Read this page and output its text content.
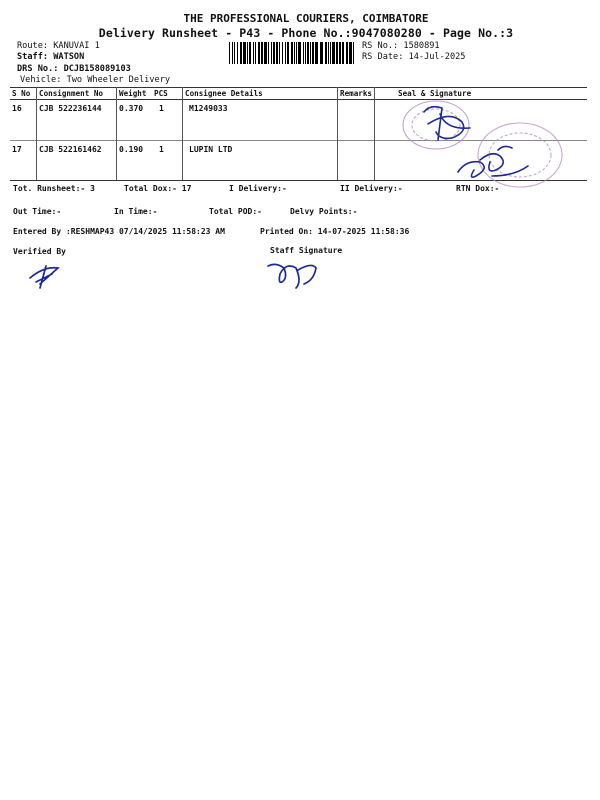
THE PROFESSIONAL COURIERS, COIMBATORE
Delivery Runsheet - P43 - Phone No.:9047080280 - Page No.:3
Route: KANUVAI 1
Staff: WATSON
DRS No.: DCJB158089103
Vehicle: Two Wheeler Delivery
RS No.: 1580891
RS Date: 14-Jul-2025
S No Consignment No Weight PCS Consignee Details	Remarks	Seal & Signature
16 CJB 522236144 0.370 1	M1249033
17 CJB 522161462 0.190 1	LUPIN LTD
Tot. Runsheet:- 3	Total Dox:- 17	I Delivery:-	II Delivery:-	RTN Dox:-
Out Time:-	In Time:-	Total POD:-	Delvy Points:-
Entered By :RESHMAP43 07/14/2025 11:58:23 AM	Printed On: 14-07-2025 11:58:36
Verified By	Staff Signature
